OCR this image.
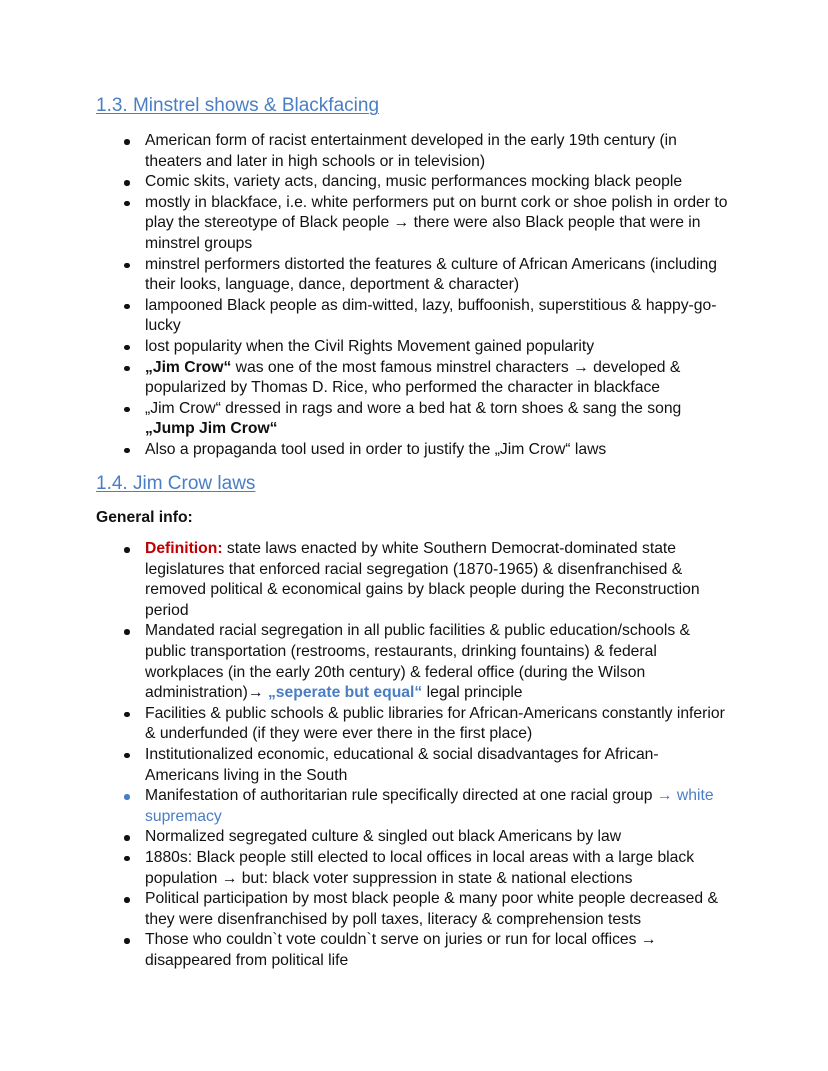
1.3. Minstrel shows & Blackfacing
American form of racist entertainment developed in the early 19th century (in theaters and later in high schools or in television)
Comic skits, variety acts, dancing, music performances mocking black people
mostly in blackface, i.e. white performers put on burnt cork or shoe polish in order to play the stereotype of Black people → there were also Black people that were in minstrel groups
minstrel performers distorted the features & culture of African Americans (including their looks, language, dance, deportment & character)
lampooned Black people as dim-witted, lazy, buffoonish, superstitious & happy-go-lucky
lost popularity when the Civil Rights Movement gained popularity
„Jim Crow“ was one of the most famous minstrel characters → developed & popularized by Thomas D. Rice, who performed the character in blackface
„Jim Crow“ dressed in rags and wore a bed hat & torn shoes & sang the song „Jump Jim Crow“
Also a propaganda tool used in order to justify the „Jim Crow“ laws
1.4. Jim Crow laws

General info:

Definition: state laws enacted by white Southern Democrat-dominated state legislatures that enforced racial segregation (1870-1965) & disenfranchised & removed political & economical gains by black people during the Reconstruction period
Mandated racial segregation in all public facilities & public education/schools & public transportation (restrooms, restaurants, drinking fountains) & federal workplaces (in the early 20th century) & federal office (during the Wilson administration)→ „seperate but equal“ legal principle
Facilities & public schools & public libraries for African-Americans constantly inferior & underfunded (if they were ever there in the first place)
Institutionalized economic, educational & social disadvantages for African-Americans living in the South
Manifestation of authoritarian rule specifically directed at one racial group → white supremacy
Normalized segregated culture & singled out black Americans by law
1880s: Black people still elected to local offices in local areas with a large black population → but: black voter suppression in state & national elections
Political participation by most black people & many poor white people decreased & they were disenfranchised by poll taxes, literacy & comprehension tests
Those who couldn`t vote couldn`t serve on juries or run for local offices → disappeared from political life
